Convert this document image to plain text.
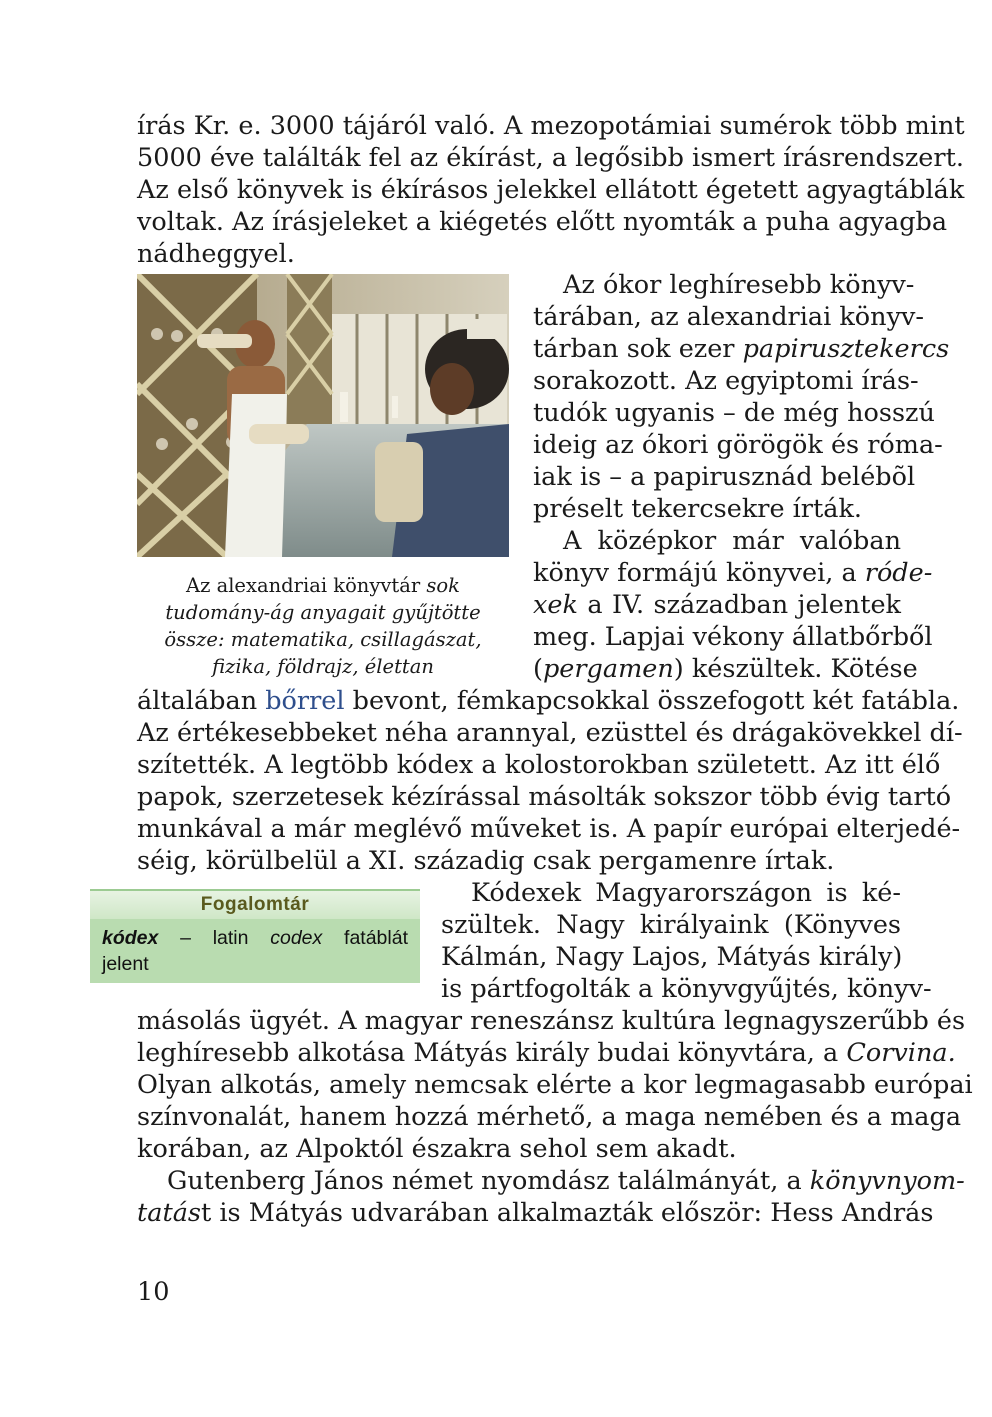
írás Kr. e. 3000 tájáról való. A mezopotámiai sumérok több mint
5000 éve találták fel az ékírást, a legősibb ismert írásrendszert.
Az első könyvek is ékírásos jelekkel ellátott égetett agyagtáblák
voltak. Az írásjeleket a kiégetés előtt nyomták a puha agyagba
nádheggyel.
Az ókor leghíresebb könyv-
tárában, az alexandriai könyv-
tárban sok ezer papirusztekercs
sorakozott. Az egyiptomi írás-
tudók ugyanis – de még hosszú
ideig az ókori görögök és róma-
iak is – a papirusznád belébõl
préselt tekercsekre írták.
A középkor már valóban
könyv formájú könyvei, a róde-
xek a IV. században jelentek
meg. Lapjai vékony állatbőrből
(pergamen) készültek. Kötése
Az alexandriai könyvtár sok
tudomány-ág anyagait gyűjtötte
össze: matematika, csillagászat,
fizika, földrajz, élettan
általában bőrrel bevont, fémkapcsokkal összefogott két fatábla.
Az értékesebbeket néha arannyal, ezüsttel és drágakövekkel dí-
szítették. A legtöbb kódex a kolostorokban született. Az itt élő
papok, szerzetesek kézírással másolták sokszor több évig tartó
munkával a már meglévő műveket is. A papír európai elterjedé-
séig, körülbelül a XI. századig csak pergamenre írtak.
Fogalomtár
kódex – latin codex fatáblát
jelent
Kódexek Magyarországon is ké-
szültek. Nagy királyaink (Könyves
Kálmán, Nagy Lajos, Mátyás király)
is pártfogolták a könyvgyűjtés, könyv-
másolás ügyét. A magyar reneszánsz kultúra legnagyszerűbb és
leghíresebb alkotása Mátyás király budai könyvtára, a Corvina.
Olyan alkotás, amely nemcsak elérte a kor legmagasabb európai
színvonalát, hanem hozzá mérhető, a maga nemében és a maga
korában, az Alpoktól északra sehol sem akadt.
Gutenberg János német nyomdász találmányát, a könyvnyom-
tatást is Mátyás udvarában alkalmazták először: Hess András
10
